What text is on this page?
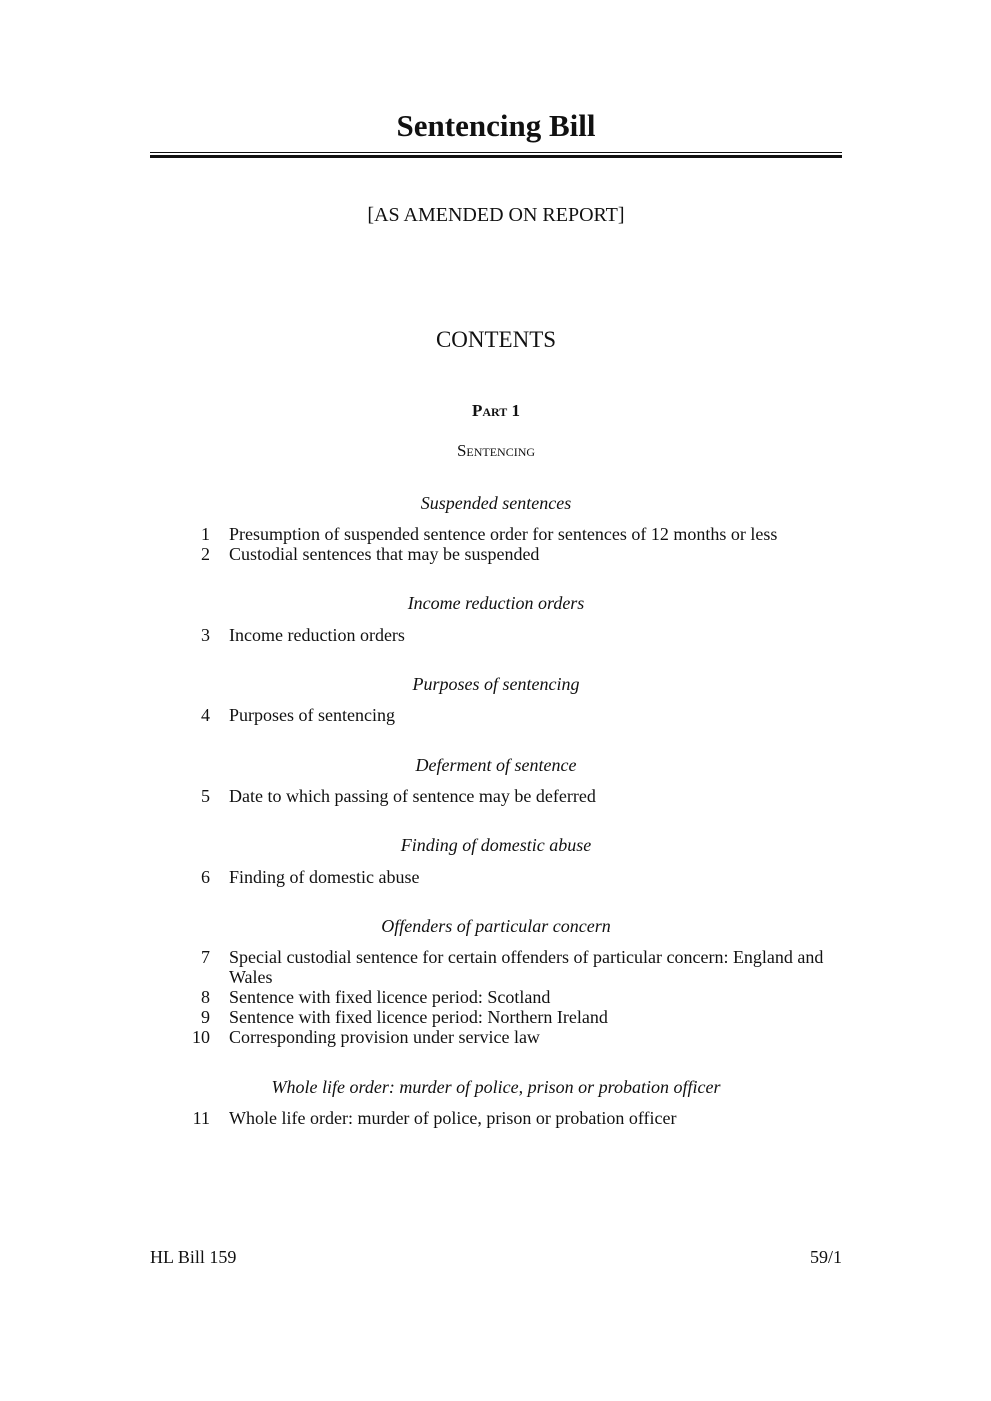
Sentencing Bill
[AS AMENDED ON REPORT]
CONTENTS
Part 1
Sentencing
Suspended sentences
1 Presumption of suspended sentence order for sentences of 12 months or less
2 Custodial sentences that may be suspended
Income reduction orders
3 Income reduction orders
Purposes of sentencing
4 Purposes of sentencing
Deferment of sentence
5 Date to which passing of sentence may be deferred
Finding of domestic abuse
6 Finding of domestic abuse
Offenders of particular concern
7 Special custodial sentence for certain offenders of particular concern: England and Wales
8 Sentence with fixed licence period: Scotland
9 Sentence with fixed licence period: Northern Ireland
10 Corresponding provision under service law
Whole life order: murder of police, prison or probation officer
11 Whole life order: murder of police, prison or probation officer
HL Bill 159	59/1
